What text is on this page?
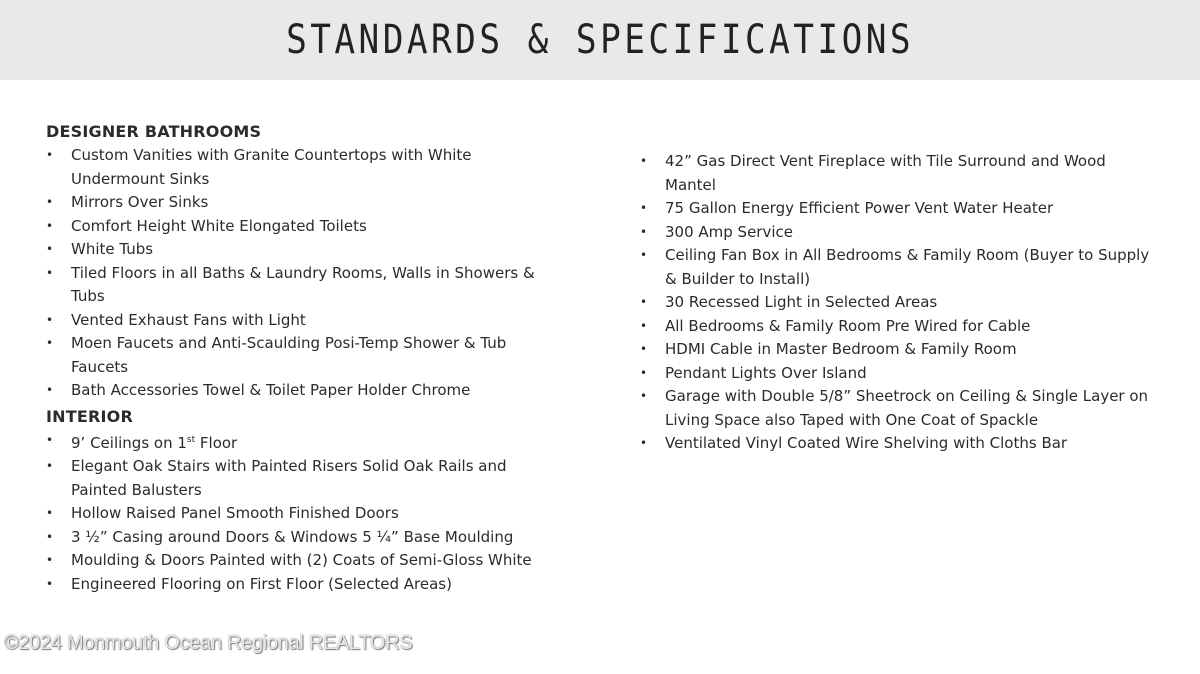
STANDARDS & SPECIFICATIONS
DESIGNER BATHROOMS
• Custom Vanities with Granite Countertops with White Undermount Sinks
• Mirrors Over Sinks
• Comfort Height White Elongated Toilets
• White Tubs
• Tiled Floors in all Baths & Laundry Rooms, Walls in Showers & Tubs
• Vented Exhaust Fans with Light
• Moen Faucets and Anti-Scaulding Posi-Temp Shower & Tub Faucets
• Bath Accessories Towel & Toilet Paper Holder Chrome
INTERIOR
• 9’ Ceilings on 1st Floor
• Elegant Oak Stairs with Painted Risers Solid Oak Rails and Painted Balusters
• Hollow Raised Panel Smooth Finished Doors
• 3 ½” Casing around Doors & Windows 5 ¼” Base Moulding
• Moulding & Doors Painted with (2) Coats of Semi-Gloss White
• Engineered Flooring on First Floor (Selected Areas)
• 42” Gas Direct Vent Fireplace with Tile Surround and Wood Mantel
• 75 Gallon Energy Efficient Power Vent Water Heater
• 300 Amp Service
• Ceiling Fan Box in All Bedrooms & Family Room (Buyer to Supply & Builder to Install)
• 30 Recessed Light in Selected Areas
• All Bedrooms & Family Room Pre Wired for Cable
• HDMI Cable in Master Bedroom & Family Room
• Pendant Lights Over Island
• Garage with Double 5/8” Sheetrock on Ceiling & Single Layer on Living Space also Taped with One Coat of Spackle
• Ventilated Vinyl Coated Wire Shelving with Cloths Bar
©2024 Monmouth Ocean Regional REALTORS
